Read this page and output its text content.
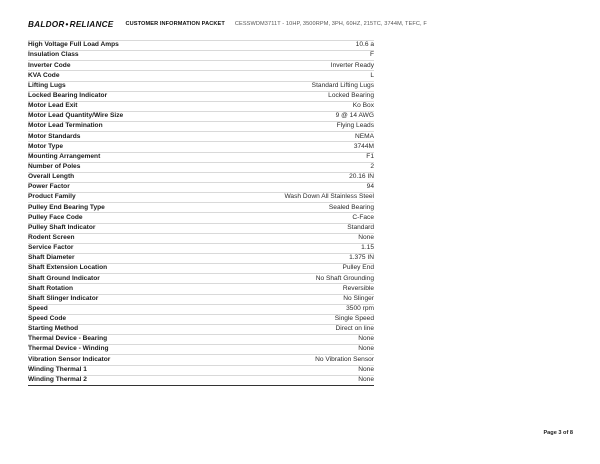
BALDOR•RELIANCE CUSTOMER INFORMATION PACKET CESSWDM3711T - 10HP, 3500RPM, 3PH, 60HZ, 215TC, 3744M, TEFC, F
High Voltage Full Load Amps	10.6 a
Insulation Class	F
Inverter Code	Inverter Ready
KVA Code	L
Lifting Lugs	Standard Lifting Lugs
Locked Bearing Indicator	Locked Bearing
Motor Lead Exit	Ko Box
Motor Lead Quantity/Wire Size	9 @ 14 AWG
Motor Lead Termination	Flying Leads
Motor Standards	NEMA
Motor Type	3744M
Mounting Arrangement	F1
Number of Poles	2
Overall Length	20.16 IN
Power Factor	94
Product Family	Wash Down All Stainless Steel
Pulley End Bearing Type	Sealed Bearing
Pulley Face Code	C-Face
Pulley Shaft Indicator	Standard
Rodent Screen	None
Service Factor	1.15
Shaft Diameter	1.375 IN
Shaft Extension Location	Pulley End
Shaft Ground Indicator	No Shaft Grounding
Shaft Rotation	Reversible
Shaft Slinger Indicator	No Slinger
Speed	3500 rpm
Speed Code	Single Speed
Starting Method	Direct on line
Thermal Device - Bearing	None
Thermal Device - Winding	None
Vibration Sensor Indicator	No Vibration Sensor
Winding Thermal 1	None
Winding Thermal 2	None
Page 3 of 8
